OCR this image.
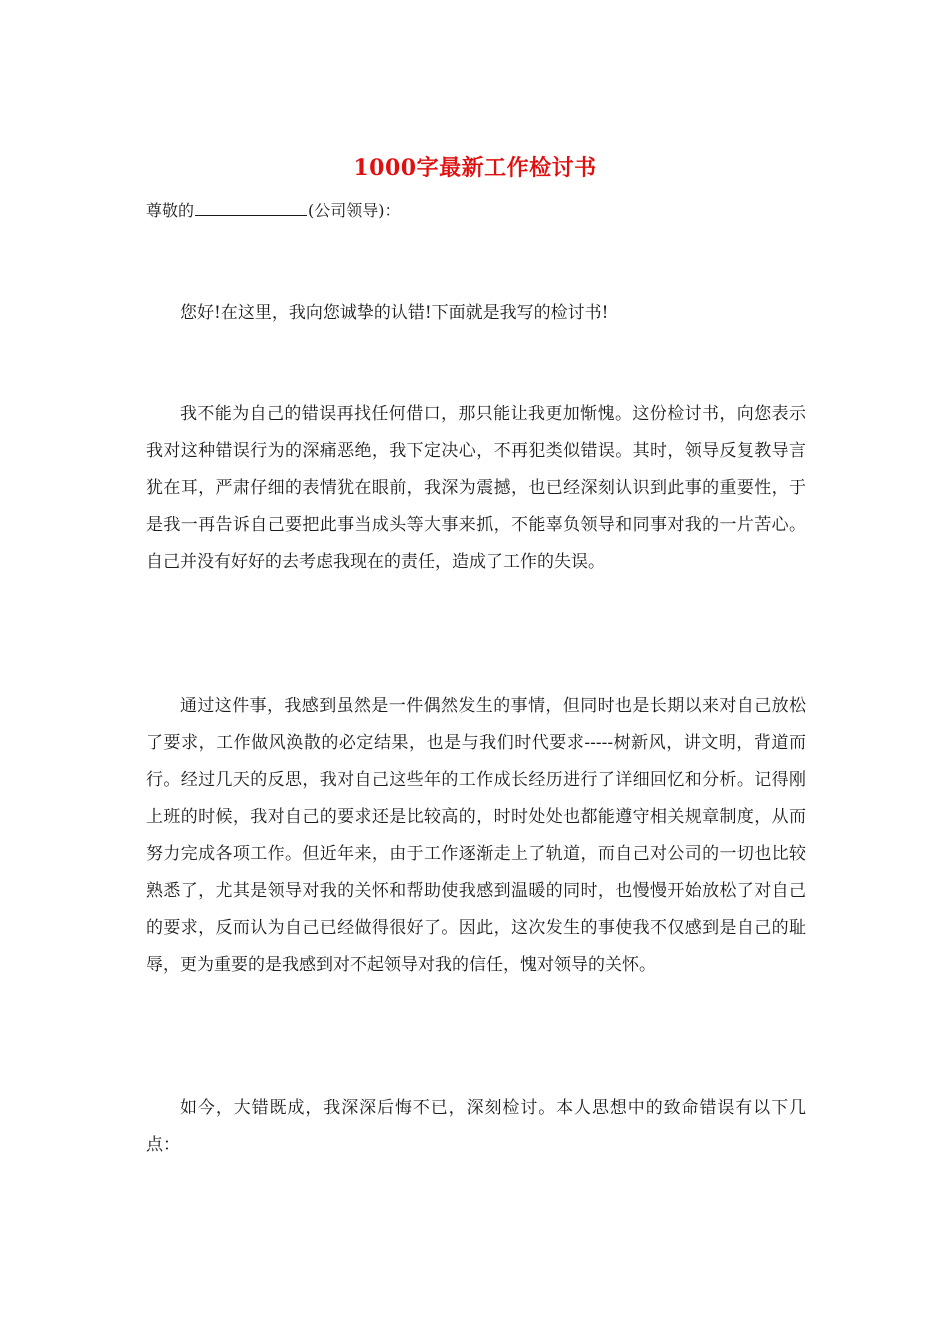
1000字最新工作检讨书
尊敬的	(公司领导)：

您好!在这里，我向您诚挚的认错!下面就是我写的检讨书!

我不能为自己的错误再找任何借口，那只能让我更加惭愧。这份检讨书，向您表示我对这种错误行为的深痛恶绝，我下定决心，不再犯类似错误。其时，领导反复教导言犹在耳，严肃仔细的表情犹在眼前，我深为震撼，也已经深刻认识到此事的重要性，于是我一再告诉自己要把此事当成头等大事来抓，不能辜负领导和同事对我的一片苦心。 自己并没有好好的去考虑我现在的责任，造成了工作的失误。

通过这件事，我感到虽然是一件偶然发生的事情，但同时也是长期以来对自己放松了要求，工作做风涣散的必定结果，也是与我们时代要求-----树新风，讲文明，背道而行。经过几天的反思，我对自己这些年的工作成长经历进行了详细回忆和分析。记得刚上班的时候，我对自己的要求还是比较高的，时时处处也都能遵守相关规章制度，从而努力完成各项工作。但近年来，由于工作逐渐走上了轨道，而自己对公司的一切也比较熟悉了，尤其是领导对我的关怀和帮助使我感到温暖的同时，也慢慢开始放松了对自己的要求，反而认为自己已经做得很好了。因此，这次发生的事使我不仅感到是自己的耻辱，更为重要的是我感到对不起领导对我的信任，愧对领导的关怀。

如今，大错既成，我深深后悔不已，深刻检讨。本人思想中的致命错误有以下几点：
